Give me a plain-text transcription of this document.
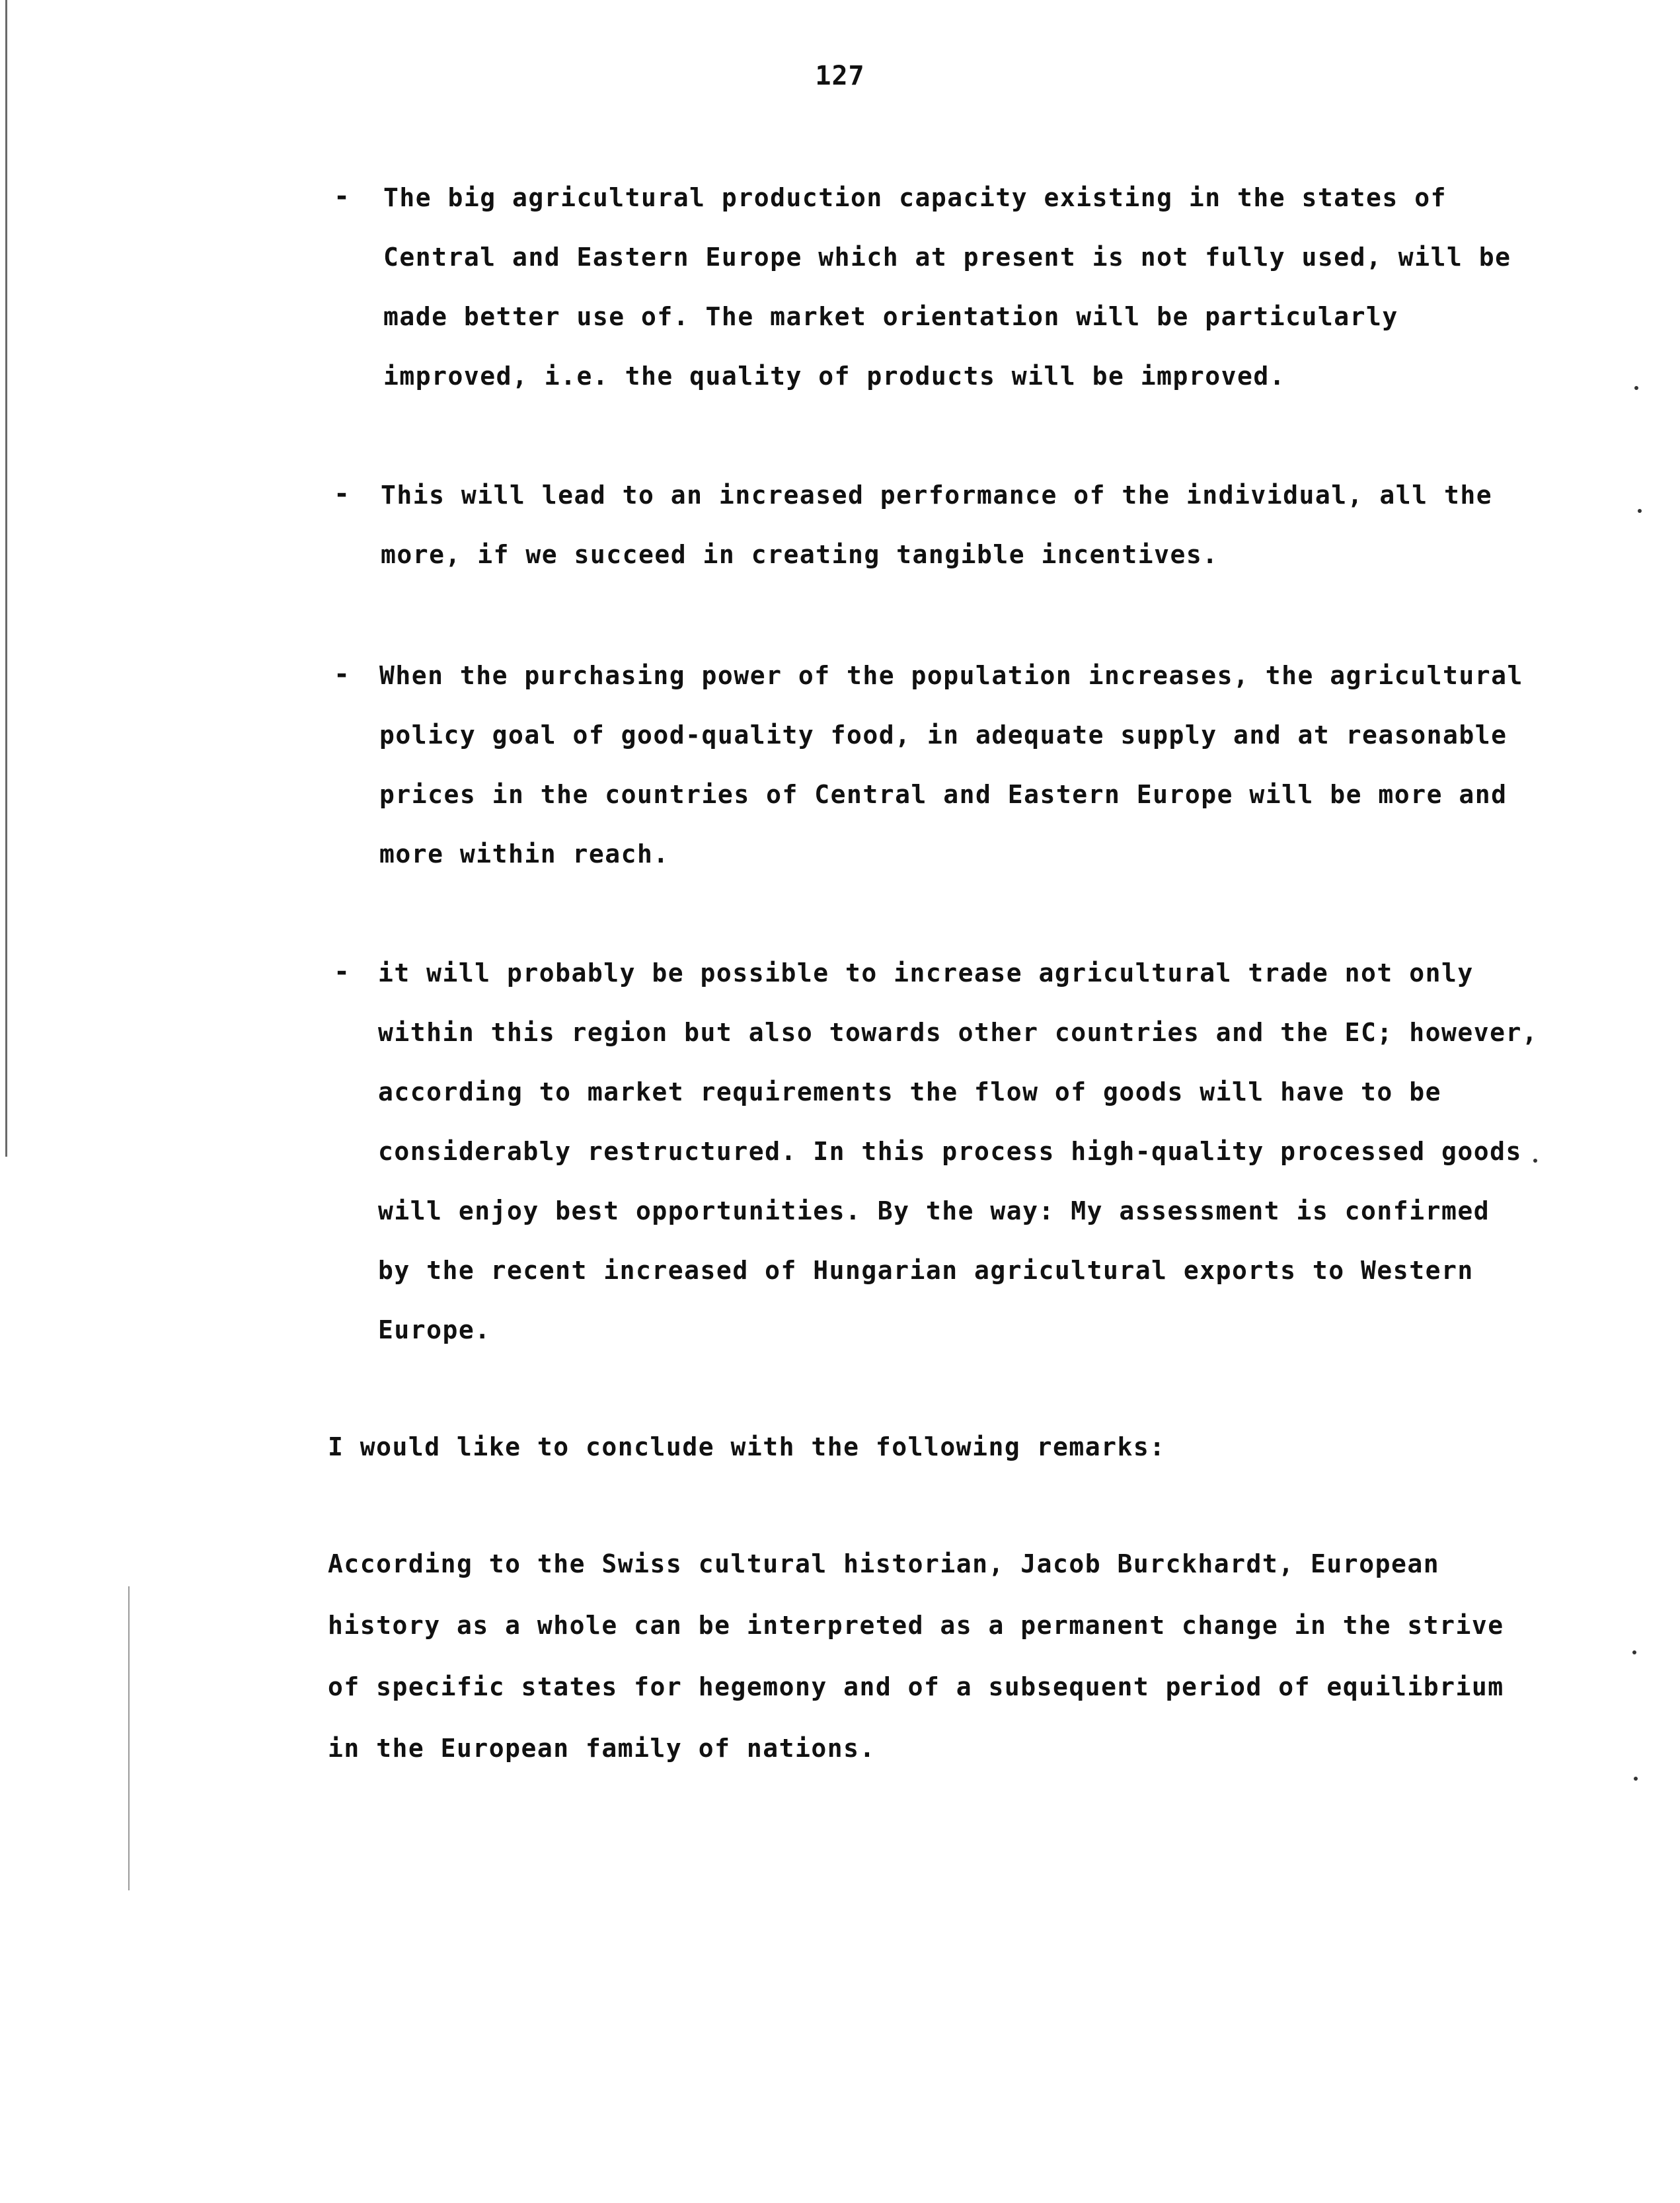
127
- The big agricultural production capacity existing in the states of
Central and Eastern Europe which at present is not fully used, will be
made better use of. The market orientation will be particularly
improved, i.e. the quality of products will be improved.
- This will lead to an increased performance of the individual, all the
more, if we succeed in creating tangible incentives.
- When the purchasing power of the population increases, the agricultural
policy goal of good-quality food, in adequate supply and at reasonable
prices in the countries of Central and Eastern Europe will be more and
more within reach.
- it will probably be possible to increase agricultural trade not only
within this region but also towards other countries and the EC; however,
according to market requirements the flow of goods will have to be
considerably restructured. In this process high-quality processed goods
will enjoy best opportunities. By the way: My assessment is confirmed
by the recent increased of Hungarian agricultural exports to Western
Europe.
I would like to conclude with the following remarks:
According to the Swiss cultural historian, Jacob Burckhardt, European
history as a whole can be interpreted as a permanent change in the strive
of specific states for hegemony and of a subsequent period of equilibrium
in the European family of nations.
